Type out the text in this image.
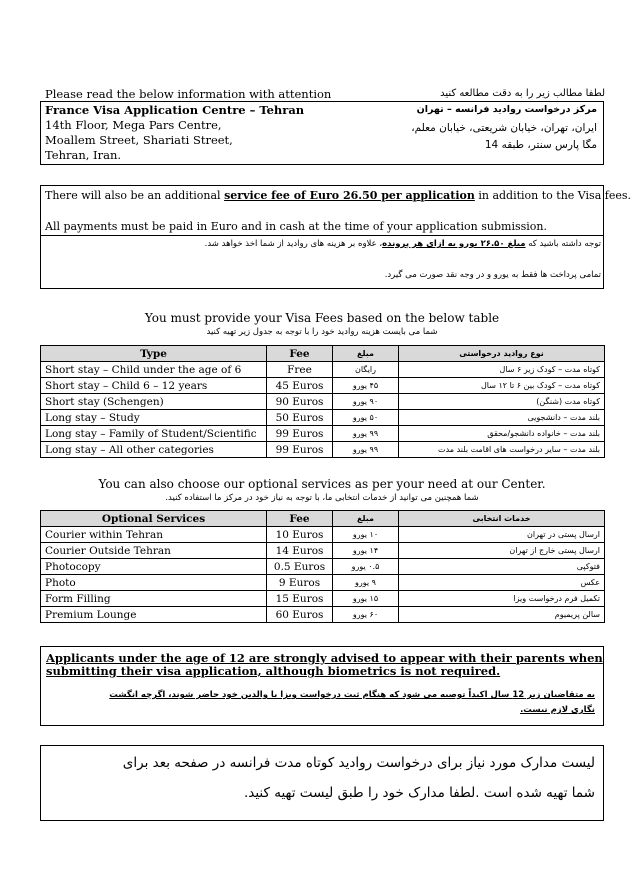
Please read the below information with attention	لطفا مطالب زیر را به دقت مطالعه کنید
France Visa Application Centre – Tehran
14th Floor, Mega Pars Centre,
Moallem Street, Shariati Street,
Tehran, Iran.
مرکز درخواست روادید فرانسه – تهران
ایران، تهران، خیابان شریعتی، خیابان معلم،
مگا پارس سنتر، طبقه 14
There will also be an additional service fee of Euro 26.50 per application in addition to the Visa fees.
All payments must be paid in Euro and in cash at the time of your application submission.
توجه داشته باشید که مبلغ ۲۶.۵۰ یورو به ازای هر پرونده، علاوه بر هزینه های روادید از شما اخذ خواهد شد.
تمامی پرداخت ها فقط به یورو و در وجه نقد صورت می گیرد.
You must provide your Visa Fees based on the below table
شما می بایست هزینه روادید خود را با توجه به جدول زیر تهیه کنید
Type	Fee	مبلغ	نوع روادید درخواستی
Short stay – Child under the age of 6	Free	رایگان	کوتاه مدت – کودک زیر ۶ سال
Short stay – Child 6 – 12 years	45 Euros	۴۵ یورو	کوتاه مدت – کودک بین ۶ تا ۱۲ سال
Short stay (Schengen)	90 Euros	۹۰ یورو	کوتاه مدت (شنگن)
Long stay – Study	50 Euros	۵۰ یورو	بلند مدت – دانشجویی
Long stay – Family of Student/Scientific	99 Euros	۹۹ یورو	بلند مدت – خانواده دانشجو/محقق
Long stay – All other categories	99 Euros	۹۹ یورو	بلند مدت – سایر درخواست های اقامت بلند مدت
You can also choose our optional services as per your need at our Center.
شما همچنین می توانید از خدمات انتخابی ما، با توجه به نیاز خود در مرکز ما استفاده کنید.
Optional Services	Fee	مبلغ	خدمات انتخابی
Courier within Tehran	10 Euros	۱۰ یورو	ارسال پستی در تهران
Courier Outside Tehran	14 Euros	۱۴ یورو	ارسال پستی خارج از تهران
Photocopy	0.5 Euros	۰.۵ یورو	فتوکپی
Photo	9 Euros	۹ یورو	عکس
Form Filling	15 Euros	۱۵ یورو	تکمیل فرم درخواست ویزا
Premium Lounge	60 Euros	۶۰ یورو	سالن پریمیوم
Applicants under the age of 12 are strongly advised to appear with their parents when
submitting their visa application, although biometrics is not required.
به متقاضیان زیر 12 سال اکیداً توصیه می شود که هنگام ثبت درخواست ویزا با والدین خود حاضر شوند، اگرچه انگشت
نگاری لازم نیست.
لیست مدارک مورد نیاز برای درخواست روادید کوتاه مدت فرانسه در صفحه بعد برای
شما تهیه شده است .لطفا مدارک خود را طبق لیست تهیه کنید.
